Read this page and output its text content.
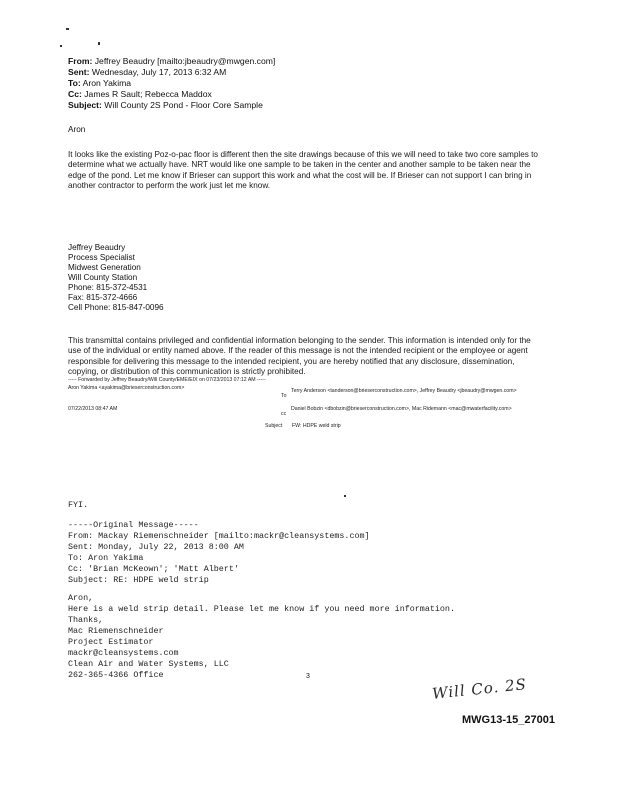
From: Jeffrey Beaudry [mailto:jbeaudry@mwgen.com]
Sent: Wednesday, July 17, 2013 6:32 AM
To: Aron Yakima
Cc: James R Sault; Rebecca Maddox
Subject: Will County 2S Pond - Floor Core Sample
Aron
It looks like the existing Poz-o-pac floor is different then the site drawings because of this we will need to take two core samples to determine what we actually have. NRT would like one sample to be taken in the center and another sample to be taken near the edge of the pond. Let me know if Brieser can support this work and what the cost will be. If Brieser can not support I can bring in another contractor to perform the work just let me know.
Jeffrey Beaudry
Process Specialist
Midwest Generation
Will County Station
Phone: 815-372-4531
Fax: 815-372-4666
Cell Phone: 815-847-0096
This transmittal contains privileged and confidential information belonging to the sender. This information is intended only for the use of the individual or entity named above. If the reader of this message is not the intended recipient or the employee or agent responsible for delivering this message to the intended recipient, you are hereby notified that any disclosure, dissemination, copying, or distribution of this communication is strictly prohibited.
----- Forwarded by Jeffrey Beaudry/Will County/EME/EIX on 07/23/2013 07:12 AM -----
Aron Yakima <ayakima@brieserconstruction.com>
07/22/2013 08:47 AM
To
Terry Anderson <tanderson@brieserconstruction.com>, Jeffrey Beaudry <jbeaudry@mwgen.com>
cc
Daniel Bobzin <dbobzin@brieserconstruction.com>, Mac Ridemann <mac@mwaterfacility.com>
Subject FW: HDPE weld strip
FYI.
-----Original Message-----
From: Mackay Riemenschneider [mailto:mackr@cleansystems.com]
Sent: Monday, July 22, 2013 8:00 AM
To: Aron Yakima
Cc: 'Brian McKeown'; 'Matt Albert'
Subject: RE: HDPE weld strip
Aron,
Here is a weld strip detail. Please let me know if you need more information.
Thanks,
Mac Riemenschneider
Project Estimator
mackr@cleansystems.com
Clean Air and Water Systems, LLC
262-365-4366 Office	3	Will Co. 2S
MWG13-15_27001
